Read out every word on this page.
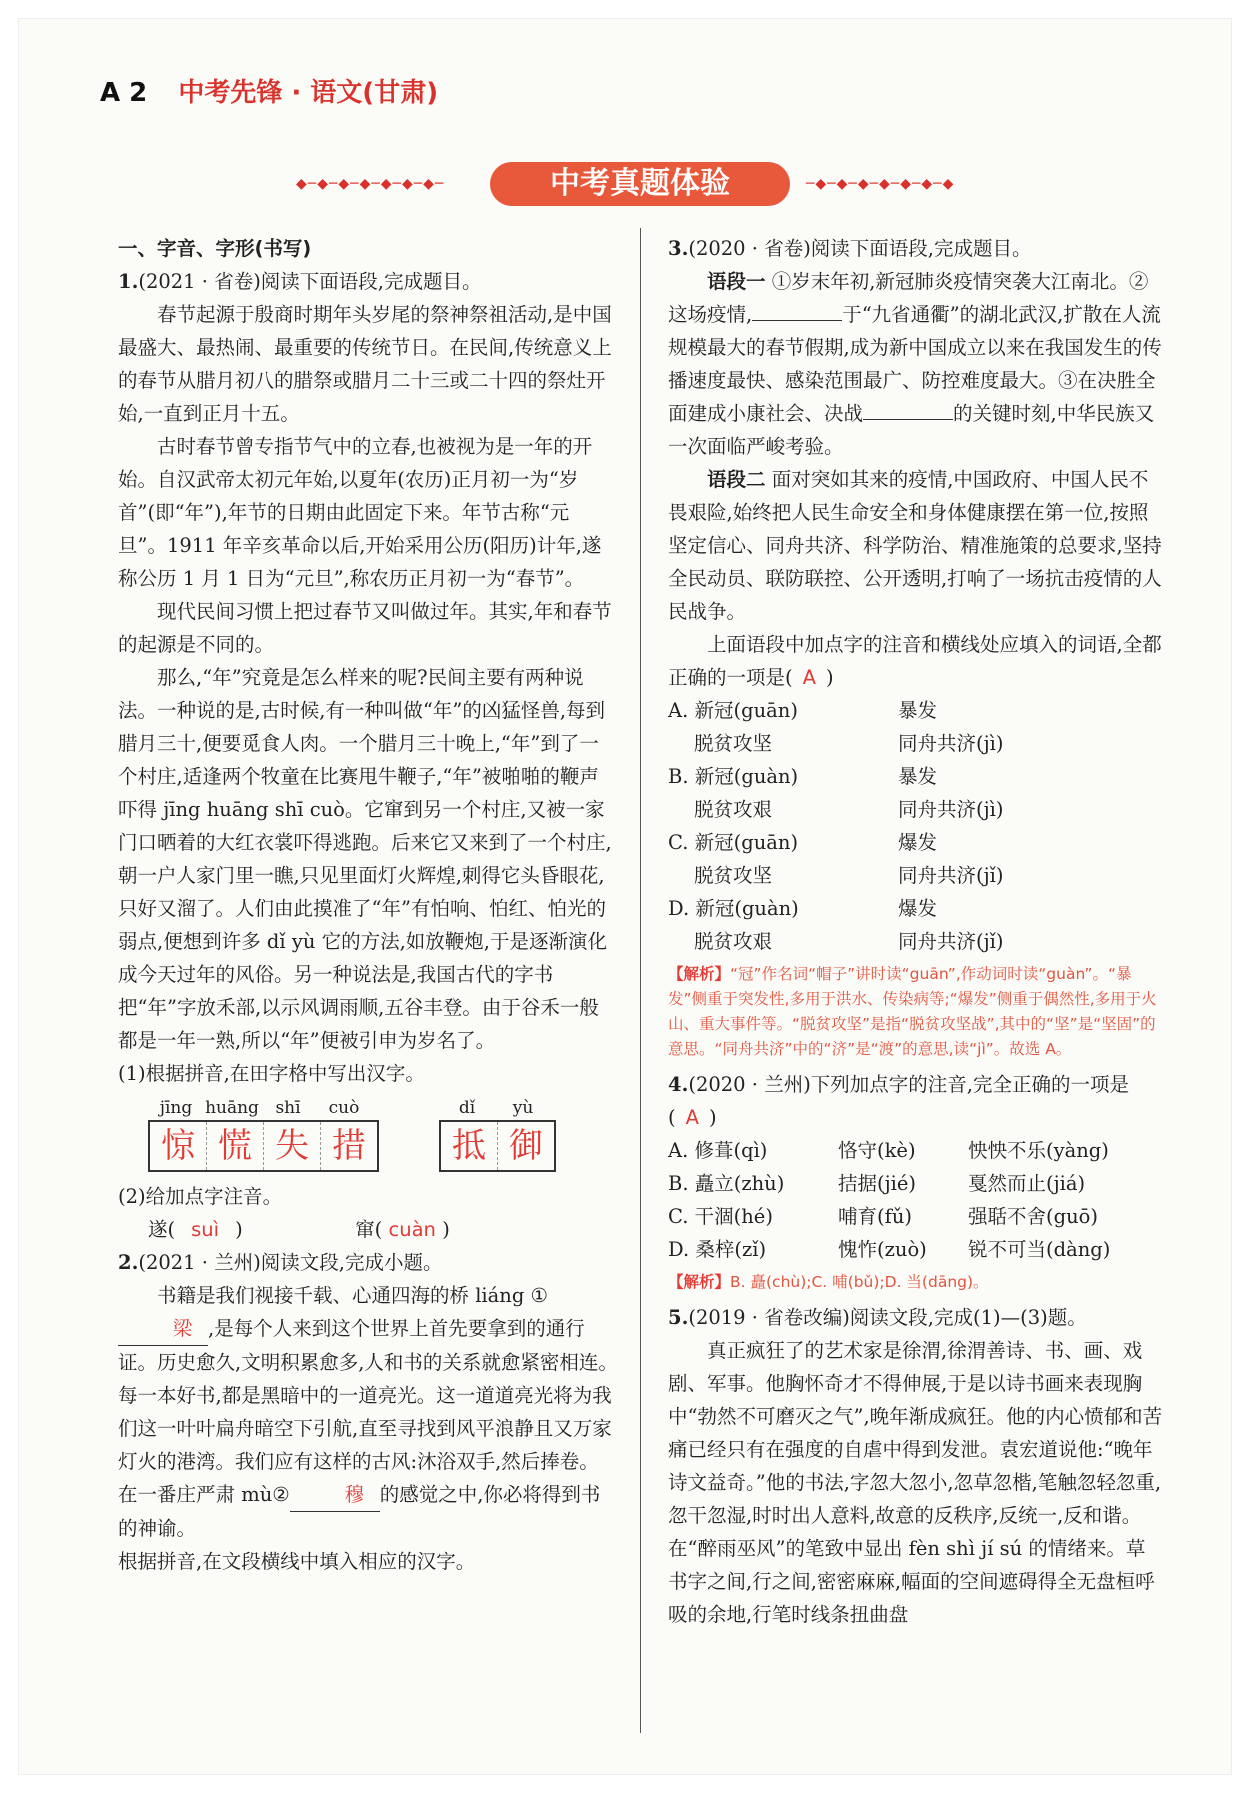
A 2 中考先锋 · 语文(甘肃)
◆─◆─◆─◆─◆─◆─◆─	中考真题体验	─◆─◆─◆─◆─◆─◆─◆

一、字音、字形(书写)

1.(2021 · 省卷)阅读下面语段,完成题目。

春节起源于殷商时期年头岁尾的祭神祭祖活动,是中国最盛大、最热闹、最重要的传统节日。在民间,传统意义上的春节从腊月初八的腊祭或腊月二十三或二十四的祭灶开始,一直到正月十五。

古时春节曾专指节气中的立春,也被视为是一年的开始。自汉武帝太初元年始,以夏年(农历)正月初一为“岁首”(即“年”),年节的日期由此固定下来。年节古称“元旦”。1911 年辛亥革命以后,开始采用公历(阳历)计年,遂称公历 1 月 1 日为“元旦”,称农历正月初一为“春节”。

现代民间习惯上把过春节又叫做过年。其实,年和春节的起源是不同的。

那么,“年”究竟是怎么样来的呢?民间主要有两种说法。一种说的是,古时候,有一种叫做“年”的凶猛怪兽,每到腊月三十,便要觅食人肉。一个腊月三十晚上,“年”到了一个村庄,适逢两个牧童在比赛甩牛鞭子,“年”被啪啪的鞭声吓得 jīng huāng shī cuò。它窜到另一个村庄,又被一家门口晒着的大红衣裳吓得逃跑。后来它又来到了一个村庄,朝一户人家门里一瞧,只见里面灯火辉煌,刺得它头昏眼花,只好又溜了。人们由此摸准了“年”有怕响、怕红、怕光的弱点,便想到许多 dǐ yù 它的方法,如放鞭炮,于是逐渐演化成今天过年的风俗。另一种说法是,我国古代的字书把“年”字放禾部,以示风调雨顺,五谷丰登。由于谷禾一般都是一年一熟,所以“年”便被引申为岁名了。

(1)根据拼音,在田字格中写出汉字。

jīng huāng shī	cuò
惊 慌 失 措
dǐ	yù
抵 御

(2)给加点字注音。

遂( suì )	窜( cuàn )

2.(2021 · 兰州)阅读文段,完成小题。

书籍是我们视接千载、心通四海的桥 liáng ①梁 ,是每个人来到这个世界上首先要拿到的通行证。历史愈久,文明积累愈多,人和书的关系就愈紧密相连。每一本好书,都是黑暗中的一道亮光。这一道道亮光将为我们这一叶叶扁舟暗空下引航,直至寻找到风平浪静且又万家灯火的港湾。我们应有这样的古风:沐浴双手,然后捧卷。在一番庄严肃 mù②	穆 的感觉之中,你必将得到书的神谕。

根据拼音,在文段横线中填入相应的汉字。

3.(2020 · 省卷)阅读下面语段,完成题目。

语段一 ①岁末年初,新冠肺炎疫情突袭大江南北。②这场疫情,	于“九省通衢”的湖北武汉,扩散在人流规模最大的春节假期,成为新中国成立以来在我国发生的传播速度最快、感染范围最广、防控难度最大。③在决胜全面建成小康社会、决战	的关键时刻,中华民族又一次面临严峻考验。

语段二 面对突如其来的疫情,中国政府、中国人民不畏艰险,始终把人民生命安全和身体健康摆在第一位,按照坚定信心、同舟共济、科学防治、精准施策的总要求,坚持全民动员、联防联控、公开透明,打响了一场抗击疫情的人民战争。

上面语段中加点字的注音和横线处应填入的词语,全都正确的一项是( A )

A. 新冠(guān)	暴发
脱贫攻坚	同舟共济(jì)
B. 新冠(guàn)	暴发
脱贫攻艰	同舟共济(jì)
C. 新冠(guān)	爆发
脱贫攻坚	同舟共济(jǐ)
D. 新冠(guàn)	爆发
脱贫攻艰	同舟共济(jǐ)

【解析】“冠”作名词“帽子”讲时读“guān”,作动词时读“guàn”。“暴发”侧重于突发性,多用于洪水、传染病等;“爆发”侧重于偶然性,多用于火山、重大事件等。“脱贫攻坚”是指“脱贫攻坚战”,其中的“坚”是“坚固”的意思。“同舟共济”中的“济”是“渡”的意思,读“jì”。故选 A。

4.(2020 · 兰州)下列加点字的注音,完全正确的一项是( A )

A. 修葺(qì)	恪守(kè)	怏怏不乐(yàng)
B. 矗立(zhù)	拮据(jié)	戛然而止(jiá)
C. 干涸(hé)	哺育(fǔ)	强聒不舍(guō)
D. 桑梓(zǐ)	愧怍(zuò)	锐不可当(dàng)

【解析】B. 矗(chù);C. 哺(bǔ);D. 当(dāng)。

5.(2019 · 省卷改编)阅读文段,完成(1)—(3)题。

真正疯狂了的艺术家是徐渭,徐渭善诗、书、画、戏剧、军事。他胸怀奇才不得伸展,于是以诗书画来表现胸中“勃然不可磨灭之气”,晚年渐成疯狂。他的内心愤郁和苦痛已经只有在强度的自虐中得到发泄。袁宏道说他:“晚年诗文益奇。”他的书法,字忽大忽小,忽草忽楷,笔触忽轻忽重,忽干忽湿,时时出人意料,故意的反秩序,反统一,反和谐。在“醉雨巫风”的笔致中显出 fèn shì jí sú 的情绪来。草书字之间,行之间,密密麻麻,幅面的空间遮碍得全无盘桓呼吸的余地,行笔时线条扭曲盘
